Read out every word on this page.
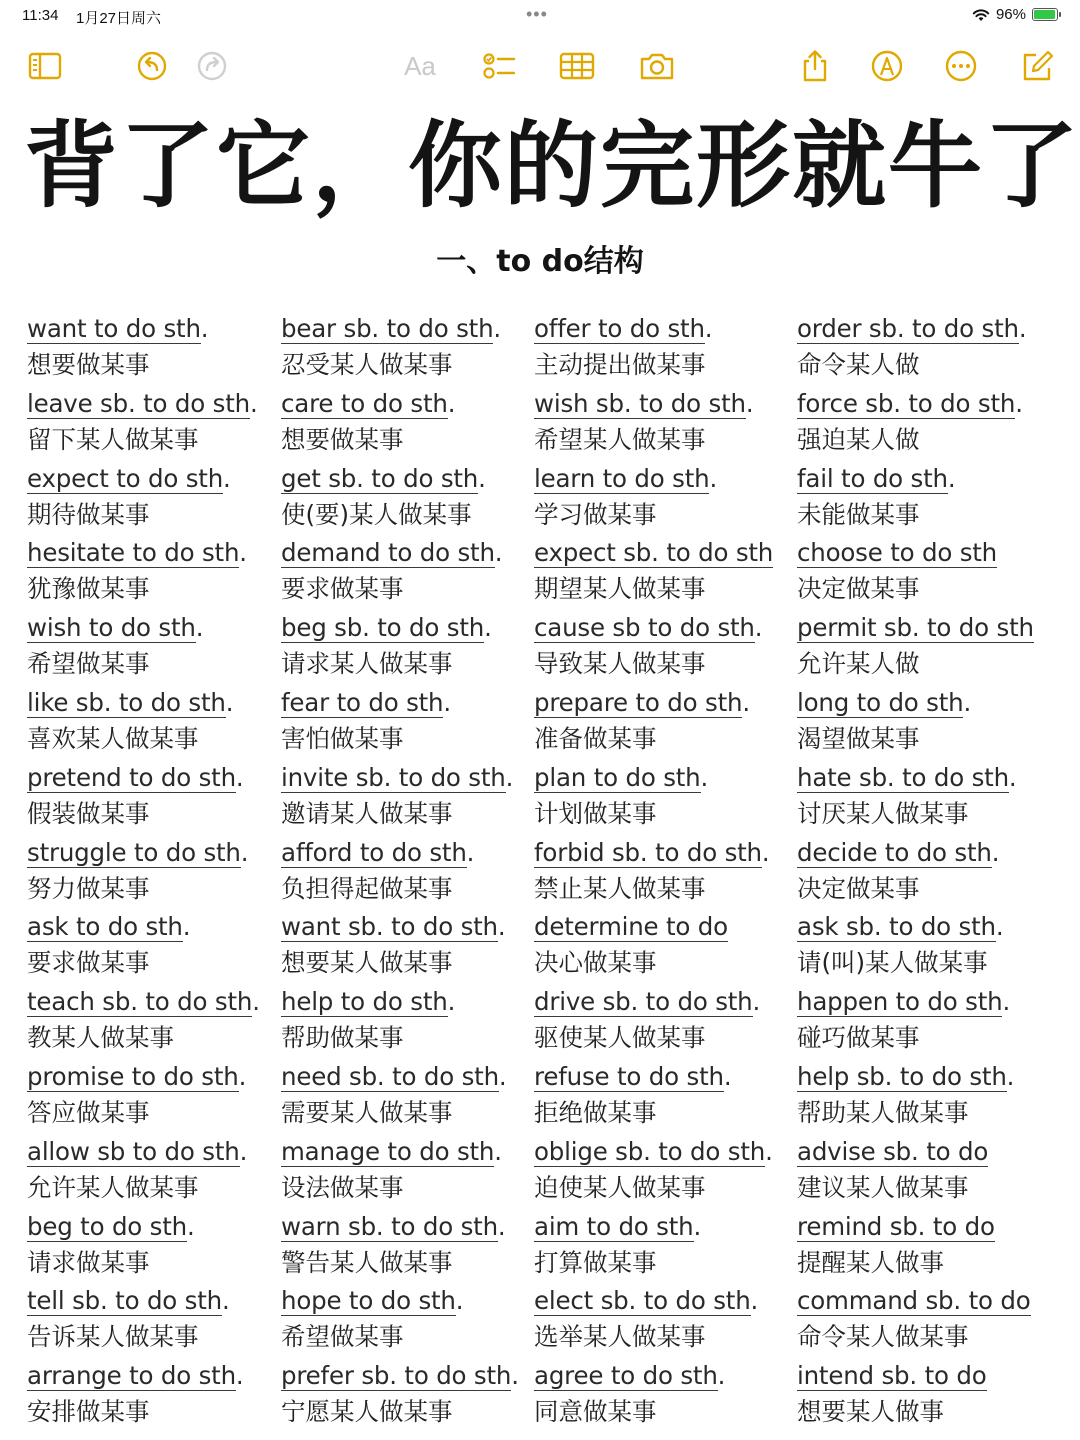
11:34 1月27日周六	•••	96%
Aa
背了它，你的完形就牛了
一、to do结构
want to do sth.
想要做某事
leave sb. to do sth.
留下某人做某事
expect to do sth.
期待做某事
hesitate to do sth.
犹豫做某事
wish to do sth.
希望做某事
like sb. to do sth.
喜欢某人做某事
pretend to do sth.
假装做某事
struggle to do sth.
努力做某事
ask to do sth.
要求做某事
teach sb. to do sth.
教某人做某事
promise to do sth.
答应做某事
allow sb to do sth.
允许某人做某事
beg to do sth.
请求做某事
tell sb. to do sth.
告诉某人做某事
arrange to do sth.
安排做某事
bear sb. to do sth.
忍受某人做某事
care to do sth.
想要做某事
get sb. to do sth.
使(要)某人做某事
demand to do sth.
要求做某事
beg sb. to do sth.
请求某人做某事
fear to do sth.
害怕做某事
invite sb. to do sth.
邀请某人做某事
afford to do sth.
负担得起做某事
want sb. to do sth.
想要某人做某事
help to do sth.
帮助做某事
need sb. to do sth.
需要某人做某事
manage to do sth.
设法做某事
warn sb. to do sth.
警告某人做某事
hope to do sth.
希望做某事
prefer sb. to do sth.
宁愿某人做某事
offer to do sth.
主动提出做某事
wish sb. to do sth.
希望某人做某事
learn to do sth.
学习做某事
expect sb. to do sth
期望某人做某事
cause sb to do sth.
导致某人做某事
prepare to do sth.
准备做某事
plan to do sth.
计划做某事
forbid sb. to do sth.
禁止某人做某事
determine to do
决心做某事
drive sb. to do sth.
驱使某人做某事
refuse to do sth.
拒绝做某事
oblige sb. to do sth.
迫使某人做某事
aim to do sth.
打算做某事
elect sb. to do sth.
选举某人做某事
agree to do sth.
同意做某事
order sb. to do sth.
命令某人做
force sb. to do sth.
强迫某人做
fail to do sth.
未能做某事
choose to do sth
决定做某事
permit sb. to do sth
允许某人做
long to do sth.
渴望做某事
hate sb. to do sth.
讨厌某人做某事
decide to do sth.
决定做某事
ask sb. to do sth.
请(叫)某人做某事
happen to do sth.
碰巧做某事
help sb. to do sth.
帮助某人做某事
advise sb. to do
建议某人做某事
remind sb. to do
提醒某人做事
command sb. to do
命令某人做某事
intend sb. to do
想要某人做事
